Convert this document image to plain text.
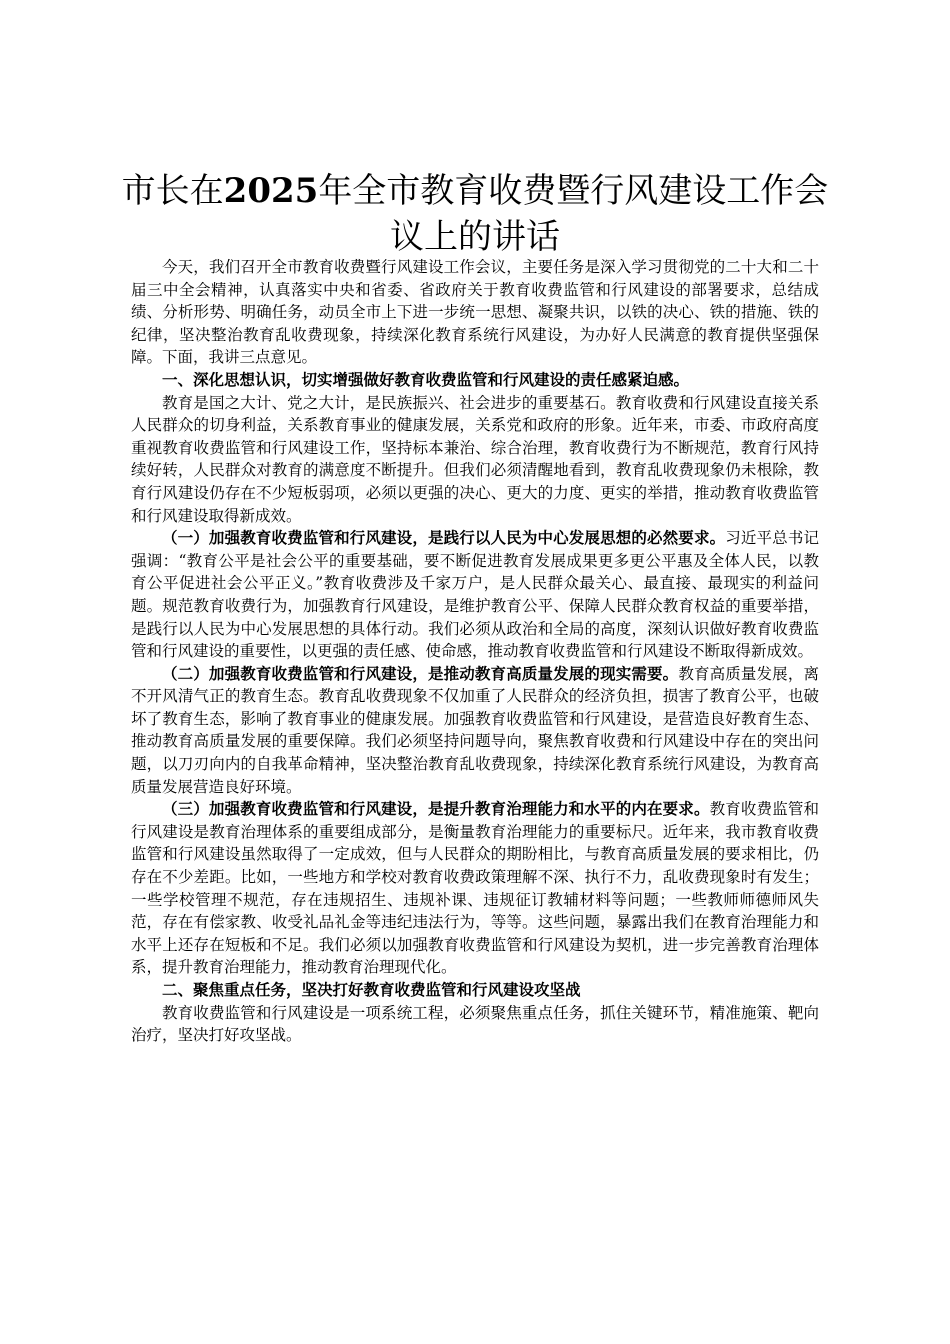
市长在2025年全市教育收费暨行风建设工作会议上的讲话

今天，我们召开全市教育收费暨行风建设工作会议，主要任务是深入学习贯彻党的二十大和二十届三中全会精神，认真落实中央和省委、省政府关于教育收费监管和行风建设的部署要求，总结成绩、分析形势、明确任务，动员全市上下进一步统一思想、凝聚共识，以铁的决心、铁的措施、铁的纪律，坚决整治教育乱收费现象，持续深化教育系统行风建设，为办好人民满意的教育提供坚强保障。下面，我讲三点意见。

一、深化思想认识，切实增强做好教育收费监管和行风建设的责任感紧迫感。

教育是国之大计、党之大计，是民族振兴、社会进步的重要基石。教育收费和行风建设直接关系人民群众的切身利益，关系教育事业的健康发展，关系党和政府的形象。近年来，市委、市政府高度重视教育收费监管和行风建设工作，坚持标本兼治、综合治理，教育收费行为不断规范，教育行风持续好转，人民群众对教育的满意度不断提升。但我们必须清醒地看到，教育乱收费现象仍未根除，教育行风建设仍存在不少短板弱项，必须以更强的决心、更大的力度、更实的举措，推动教育收费监管和行风建设取得新成效。

（一）加强教育收费监管和行风建设，是践行以人民为中心发展思想的必然要求。习近平总书记强调：“教育公平是社会公平的重要基础，要不断促进教育发展成果更多更公平惠及全体人民，以教育公平促进社会公平正义。”教育收费涉及千家万户，是人民群众最关心、最直接、最现实的利益问题。规范教育收费行为，加强教育行风建设，是维护教育公平、保障人民群众教育权益的重要举措，是践行以人民为中心发展思想的具体行动。我们必须从政治和全局的高度，深刻认识做好教育收费监管和行风建设的重要性，以更强的责任感、使命感，推动教育收费监管和行风建设不断取得新成效。

（二）加强教育收费监管和行风建设，是推动教育高质量发展的现实需要。教育高质量发展，离不开风清气正的教育生态。教育乱收费现象不仅加重了人民群众的经济负担，损害了教育公平，也破坏了教育生态，影响了教育事业的健康发展。加强教育收费监管和行风建设，是营造良好教育生态、推动教育高质量发展的重要保障。我们必须坚持问题导向，聚焦教育收费和行风建设中存在的突出问题，以刀刃向内的自我革命精神，坚决整治教育乱收费现象，持续深化教育系统行风建设，为教育高质量发展营造良好环境。

（三）加强教育收费监管和行风建设，是提升教育治理能力和水平的内在要求。教育收费监管和行风建设是教育治理体系的重要组成部分，是衡量教育治理能力的重要标尺。近年来，我市教育收费监管和行风建设虽然取得了一定成效，但与人民群众的期盼相比，与教育高质量发展的要求相比，仍存在不少差距。比如，一些地方和学校对教育收费政策理解不深、执行不力，乱收费现象时有发生；一些学校管理不规范，存在违规招生、违规补课、违规征订教辅材料等问题；一些教师师德师风失范，存在有偿家教、收受礼品礼金等违纪违法行为，等等。这些问题，暴露出我们在教育治理能力和水平上还存在短板和不足。我们必须以加强教育收费监管和行风建设为契机，进一步完善教育治理体系，提升教育治理能力，推动教育治理现代化。

二、聚焦重点任务，坚决打好教育收费监管和行风建设攻坚战

教育收费监管和行风建设是一项系统工程，必须聚焦重点任务，抓住关键环节，精准施策、靶向治疗，坚决打好攻坚战。
